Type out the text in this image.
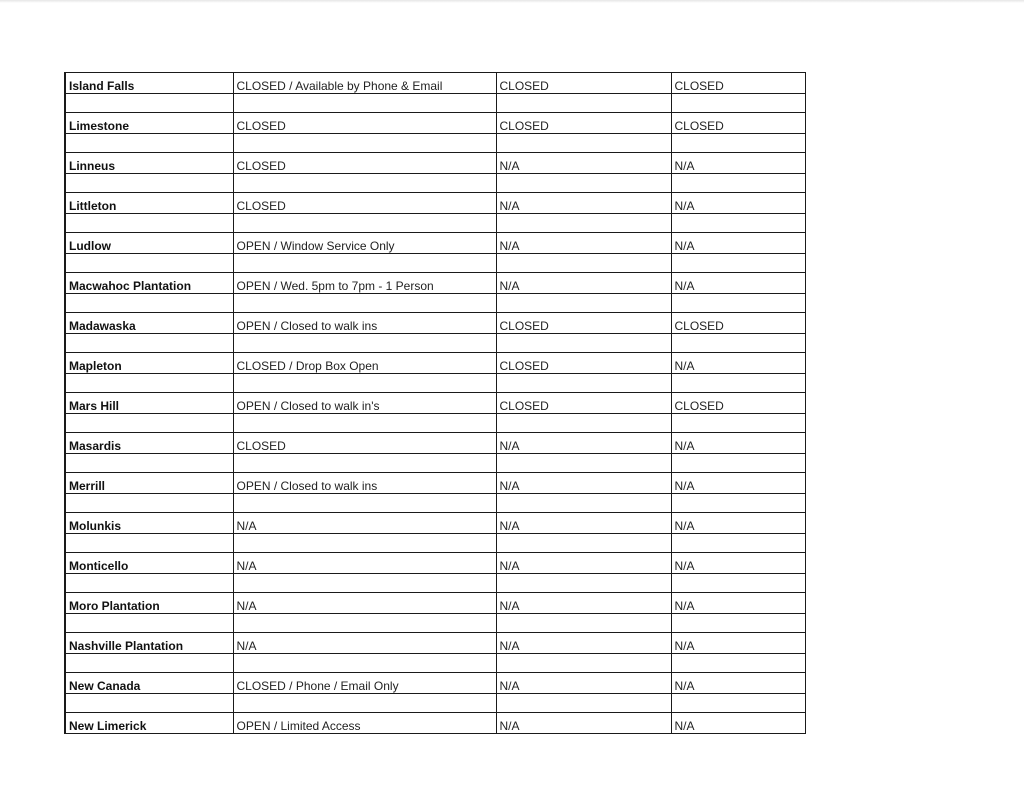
Island Falls	CLOSED / Available by Phone & Email	CLOSED	CLOSED

Limestone	CLOSED	CLOSED	CLOSED

Linneus	CLOSED	N/A	N/A

Littleton	CLOSED	N/A	N/A

Ludlow	OPEN / Window Service Only	N/A	N/A

Macwahoc Plantation	OPEN / Wed. 5pm to 7pm - 1 Person	N/A	N/A

Madawaska	OPEN / Closed to walk ins	CLOSED	CLOSED

Mapleton	CLOSED / Drop Box Open	CLOSED	N/A

Mars Hill	OPEN / Closed to walk in's	CLOSED	CLOSED

Masardis	CLOSED	N/A	N/A

Merrill	OPEN / Closed to walk ins	N/A	N/A

Molunkis	N/A	N/A	N/A

Monticello	N/A	N/A	N/A

Moro Plantation	N/A	N/A	N/A

Nashville Plantation	N/A	N/A	N/A

New Canada	CLOSED / Phone / Email Only	N/A	N/A

New Limerick	OPEN / Limited Access	N/A	N/A
